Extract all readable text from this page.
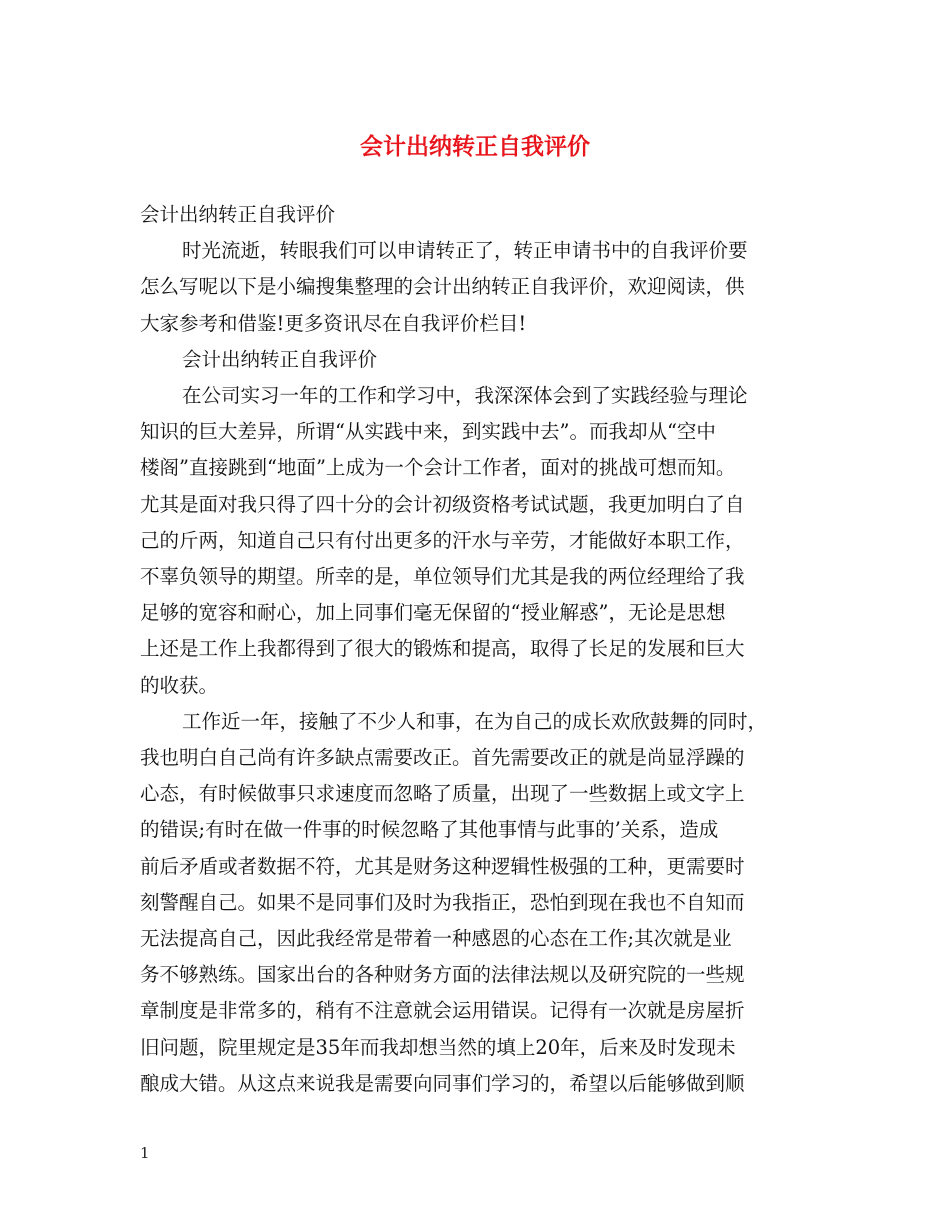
会计出纳转正自我评价
会计出纳转正自我评价
时光流逝，转眼我们可以申请转正了，转正申请书中的自我评价要
怎么写呢以下是小编搜集整理的会计出纳转正自我评价，欢迎阅读，供
大家参考和借鉴!更多资讯尽在自我评价栏目!
会计出纳转正自我评价
在公司实习一年的工作和学习中，我深深体会到了实践经验与理论
知识的巨大差异，所谓“从实践中来，到实践中去”。而我却从“空中
楼阁”直接跳到“地面”上成为一个会计工作者，面对的挑战可想而知。
尤其是面对我只得了四十分的会计初级资格考试试题，我更加明白了自
己的斤两，知道自己只有付出更多的汗水与辛劳，才能做好本职工作，
不辜负领导的期望。所幸的是，单位领导们尤其是我的两位经理给了我
足够的宽容和耐心，加上同事们毫无保留的“授业解惑”，无论是思想
上还是工作上我都得到了很大的锻炼和提高，取得了长足的发展和巨大
的收获。
工作近一年，接触了不少人和事，在为自己的成长欢欣鼓舞的同时，
我也明白自己尚有许多缺点需要改正。首先需要改正的就是尚显浮躁的
心态，有时候做事只求速度而忽略了质量，出现了一些数据上或文字上
的错误;有时在做一件事的时候忽略了其他事情与此事的’关系，造成
前后矛盾或者数据不符，尤其是财务这种逻辑性极强的工种，更需要时
刻警醒自己。如果不是同事们及时为我指正，恐怕到现在我也不自知而
无法提高自己，因此我经常是带着一种感恩的心态在工作;其次就是业
务不够熟练。国家出台的各种财务方面的法律法规以及研究院的一些规
章制度是非常多的，稍有不注意就会运用错误。记得有一次就是房屋折
旧问题，院里规定是35年而我却想当然的填上20年，后来及时发现未
酿成大错。从这点来说我是需要向同事们学习的，希望以后能够做到顺
1
